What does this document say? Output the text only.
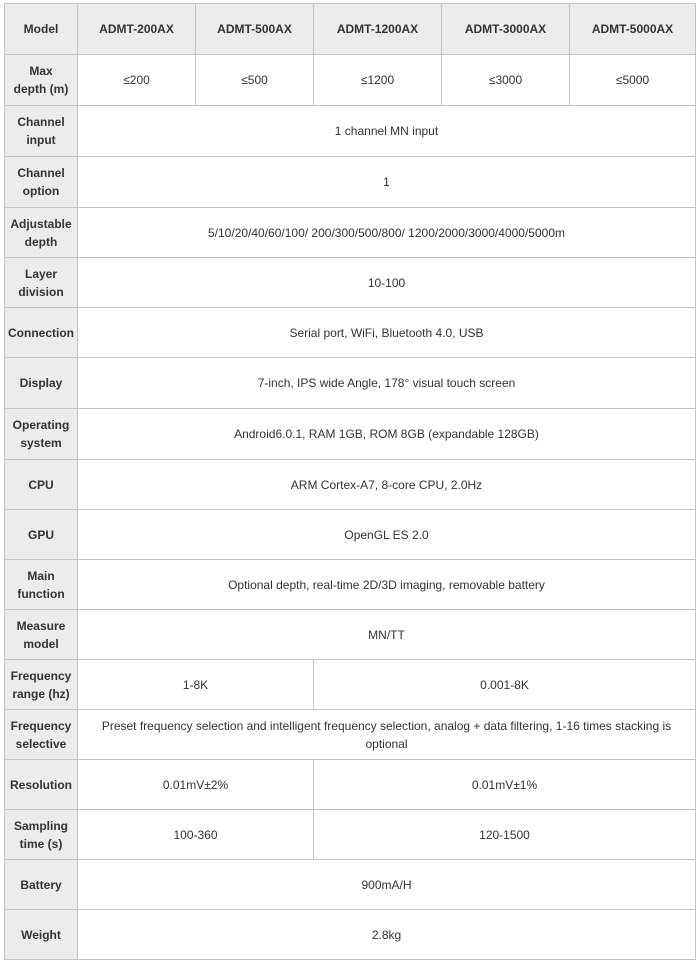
Model	ADMT-200AX	ADMT-500AX	ADMT-1200AX	ADMT-3000AX	ADMT-5000AX
Max
depth (m)	≤200	≤500	≤1200	≤3000	≤5000
Channel
input	1 channel MN input				
Channel
option	1				
Adjustable
depth	5/10/20/40/60/100/ 200/300/500/800/ 1200/2000/3000/4000/5000m				
Layer
division	10-100				
Connection	Serial port, WiFi, Bluetooth 4.0, USB				
Display	7-inch, IPS wide Angle, 178° visual touch screen				
Operating
system	Android6.0.1, RAM 1GB, ROM 8GB (expandable 128GB)				
CPU	ARM Cortex-A7, 8-core CPU, 2.0Hz				
GPU	OpenGL ES 2.0				
Main
function	Optional depth, real-time 2D/3D imaging, removable battery				
Measure
model	MN/TT				
Frequency
range (hz)	1-8K		0.001-8K		
Frequency
selective	Preset frequency selection and intelligent frequency selection, analog + data filtering, 1-16 times stacking is optional				
Resolution	0.01mV±2%		0.01mV±1%		
Sampling
time (s)	100-360		120-1500		
Battery	900mA/H				
Weight	2.8kg				
